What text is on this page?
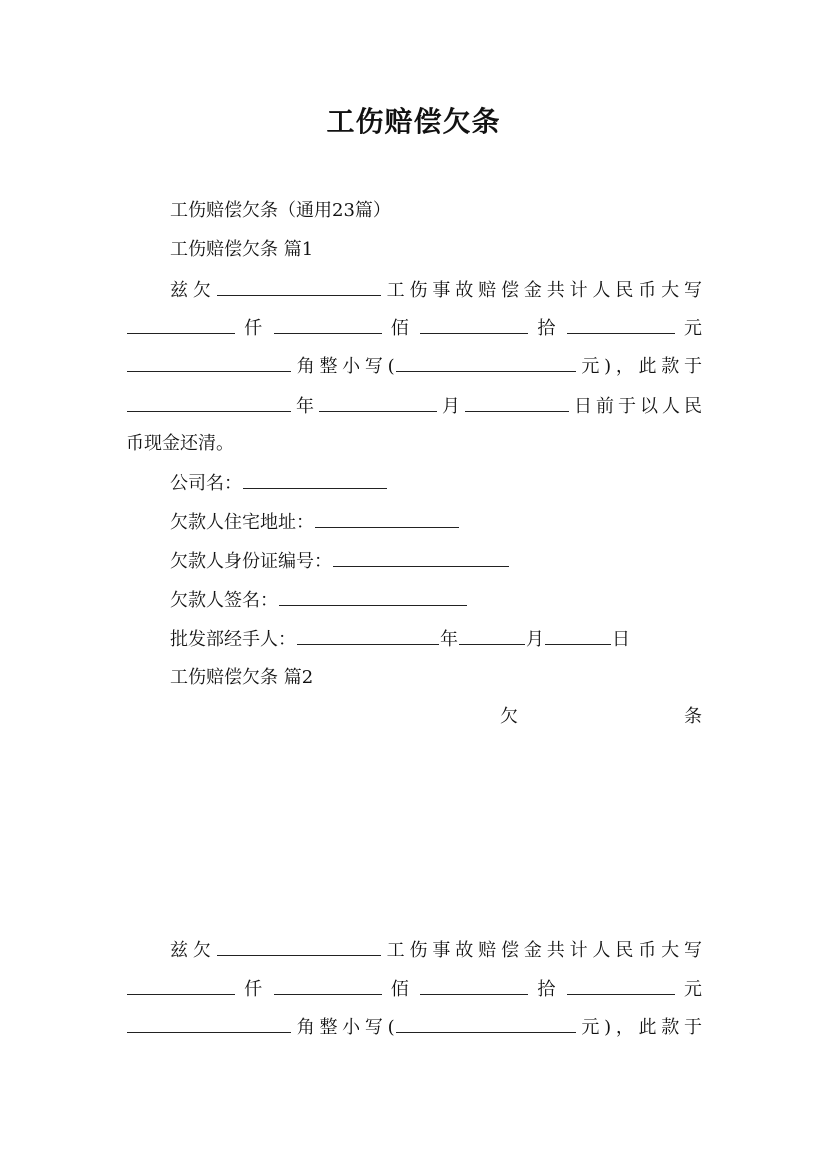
工伤赔偿欠条
工伤赔偿欠条（通用23篇）
工伤赔偿欠条 篇1
兹欠	工伤事故赔偿金共计人民币大写
仟	佰	拾	元
角整小写(	元)，此款于
年	月	日前于以人民
币现金还清。
公司名：
欠款人住宅地址：
欠款人身份证编号：
欠款人签名：
批发部经手人：	年	月	日
工伤赔偿欠条 篇2
欠	条
兹欠	工伤事故赔偿金共计人民币大写
仟	佰	拾	元
角整小写(	元)，此款于
